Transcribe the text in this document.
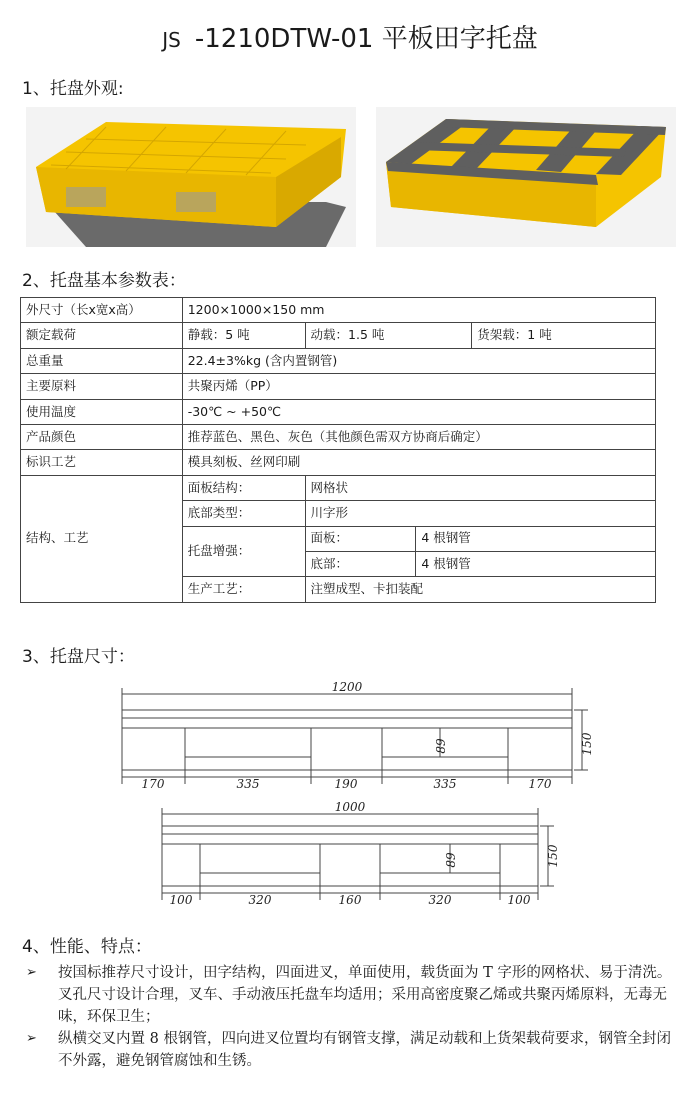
JS -1210DTW-01 平板田字托盘
1、托盘外观:
2、托盘基本参数表：
外尺寸（长x宽x高）	1200×1000×150 mm			
额定载荷	静载：5 吨	动载：1.5 吨		货架载：1 吨
总重量	22.4±3%kg (含内置钢管)			
主要原料	共聚丙烯（PP）			
使用温度	-30℃ ~ +50℃			
产品颜色	推荐蓝色、黑色、灰色（其他颜色需双方协商后确定）			
标识工艺	模具刻板、丝网印刷			
结构、工艺	面板结构：	网格状		
	底部类型：	川字形		
	托盘增强：	面板：	4 根钢管	
		底部：	4 根钢管	
	生产工艺：	注塑成型、卡扣装配		
3、托盘尺寸：
1200
150
89
170	335	190	335	170
1000
150
89
100	320	160	320	100
4、性能、特点：
➢ 按国标推荐尺寸设计，田字结构，四面进叉，单面使用，载货面为 T 字形的网格状、易于清洗。叉孔尺寸设计合理，叉车、手动液压托盘车均适用；采用高密度聚乙烯或共聚丙烯原料，无毒无味，环保卫生；
➢ 纵横交叉内置 8 根钢管，四向进叉位置均有钢管支撑，满足动载和上货架载荷要求，钢管全封闭不外露，避免钢管腐蚀和生锈。
